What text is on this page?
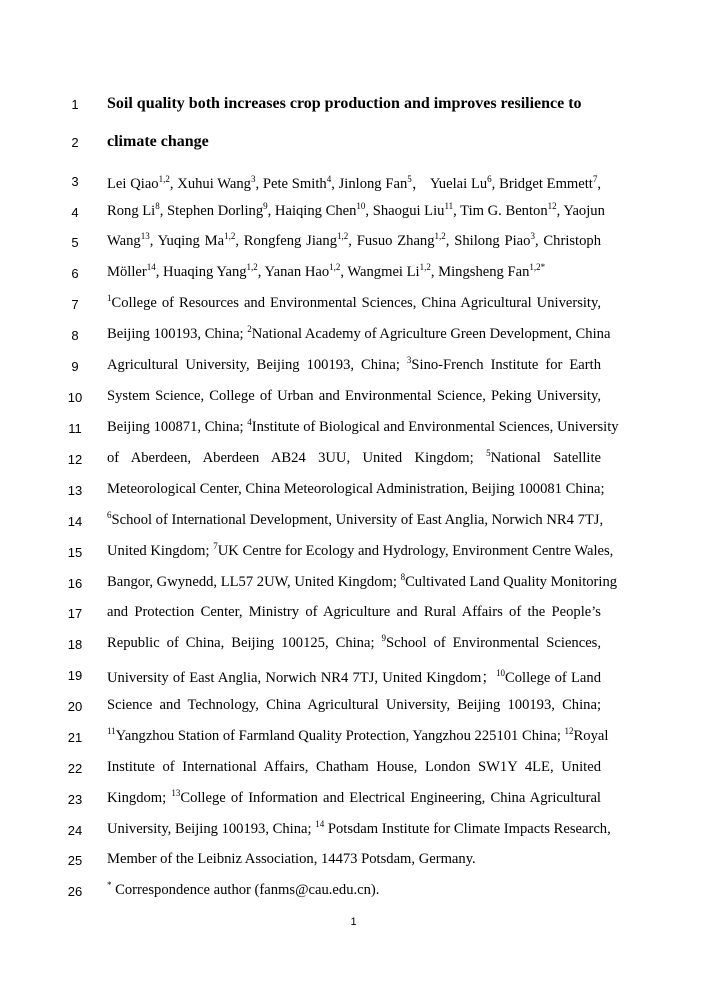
1	Soil quality both increases crop production and improves resilience to
2	climate change
3	Lei Qiao$^{1,2}$, Xuhui Wang$^3$, Pete Smith$^4$, Jinlong Fan$^5$， Yuelai Lu$^6$, Bridget Emmett$^7$,
4	Rong Li$^8$, Stephen Dorling$^9$, Haiqing Chen$^{10}$, Shaogui Liu$^{11}$, Tim G. Benton$^{12}$, Yaojun
5	Wang$^{13}$, Yuqing Ma$^{1,2}$, Rongfeng Jiang$^{1,2}$, Fusuo Zhang$^{1,2}$, Shilong Piao$^3$, Christoph
6	Möller$^{14}$, Huaqing Yang$^{1,2}$, Yanan Hao$^{1,2}$, Wangmei Li$^{1,2}$, Mingsheng Fan$^{1,2*}$
7	$^1$College of Resources and Environmental Sciences, China Agricultural University,
8	Beijing 100193, China; $^2$National Academy of Agriculture Green Development, China
9	Agricultural University, Beijing 100193, China; $^3$Sino-French Institute for Earth
10	System Science, College of Urban and Environmental Science, Peking University,
11	Beijing 100871, China; $^4$Institute of Biological and Environmental Sciences, University
12	of Aberdeen, Aberdeen AB24 3UU, United Kingdom; $^5$National Satellite
13	Meteorological Center, China Meteorological Administration, Beijing 100081 China;
14	$^6$School of International Development, University of East Anglia, Norwich NR4 7TJ,
15	United Kingdom; $^7$UK Centre for Ecology and Hydrology, Environment Centre Wales,
16	Bangor, Gwynedd, LL57 2UW, United Kingdom; $^8$Cultivated Land Quality Monitoring
17	and Protection Center, Ministry of Agriculture and Rural Affairs of the People’s
18	Republic of China, Beijing 100125, China; $^9$School of Environmental Sciences,
19	University of East Anglia, Norwich NR4 7TJ, United Kingdom；$^{10}$College of Land
20	Science and Technology, China Agricultural University, Beijing 100193, China;
21	$^{11}$Yangzhou Station of Farmland Quality Protection, Yangzhou 225101 China; $^{12}$Royal
22	Institute of International Affairs, Chatham House, London SW1Y 4LE, United
23	Kingdom; $^{13}$College of Information and Electrical Engineering, China Agricultural
24	University, Beijing 100193, China; $^{14}$ Potsdam Institute for Climate Impacts Research,
25	Member of the Leibniz Association, 14473 Potsdam, Germany.
26	* Correspondence author (fanms@cau.edu.cn).
1
